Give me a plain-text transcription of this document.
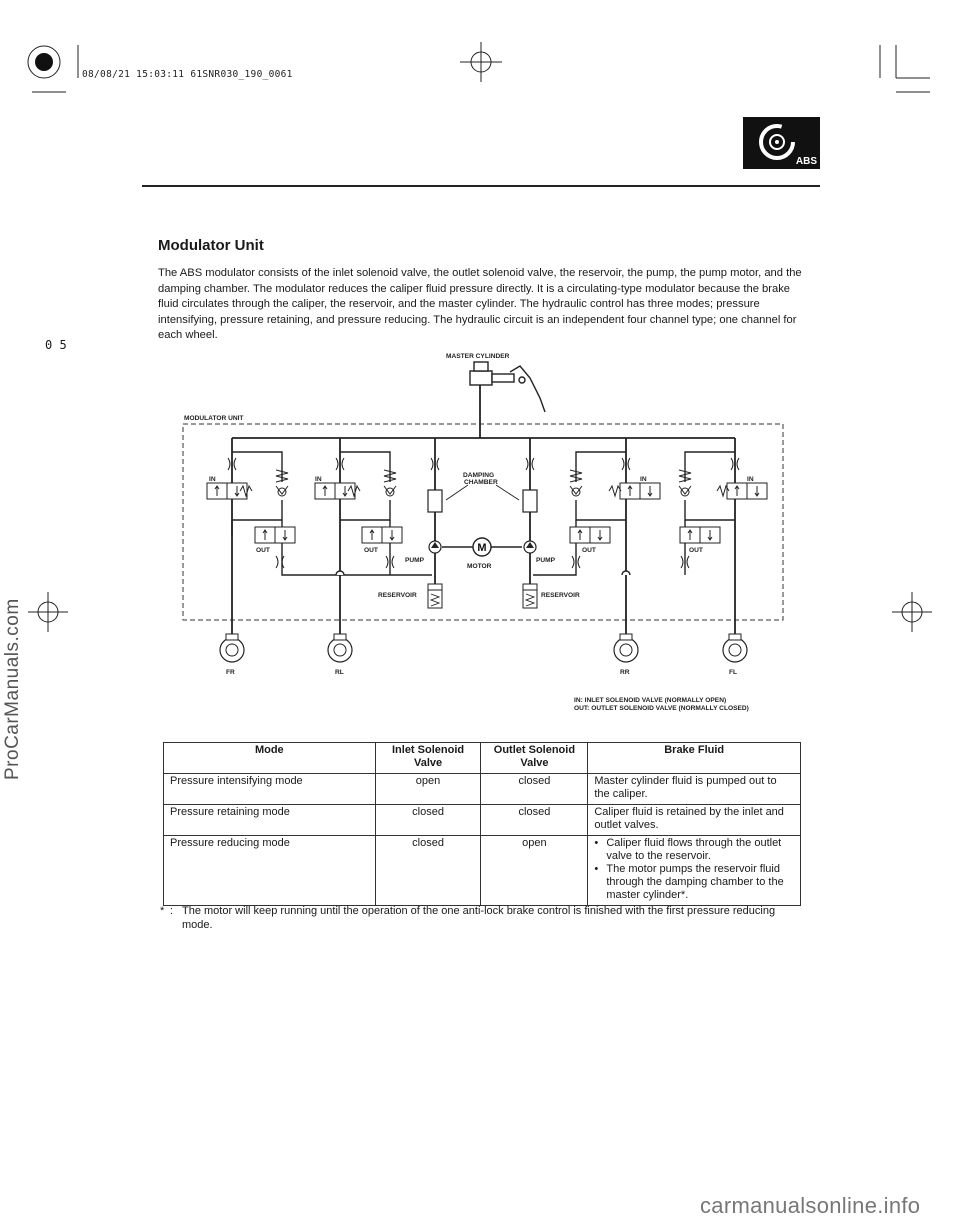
08/08/21 15:03:11 61SNR030_190_0061
ABS
0 5
ProCarManuals.com
Modulator Unit
The ABS modulator consists of the inlet solenoid valve, the outlet solenoid valve, the reservoir, the pump, the pump motor, and the damping chamber. The modulator reduces the caliper fluid pressure directly. It is a circulating-type modulator because the brake fluid circulates through the caliper, the reservoir, and the master cylinder. The hydraulic control has three modes; pressure intensifying, pressure retaining, and pressure reducing. The hydraulic circuit is an independent four channel type; one channel for each wheel.
M
MASTER CYLINDER
MODULATOR UNIT
DAMPING
CHAMBER
IN	IN	IN	IN
OUT	OUT	OUT	OUT
PUMP	PUMP
MOTOR
RESERVOIR	RESERVOIR
FR	RL	RR	FL
IN: INLET SOLENOID VALVE (NORMALLY OPEN)
OUT: OUTLET SOLENOID VALVE (NORMALLY CLOSED)
Mode	Inlet Solenoid Valve	Outlet Solenoid Valve	Brake Fluid
Pressure intensifying mode	open	closed	Master cylinder fluid is pumped out to the caliper.
Pressure retaining mode	closed	closed	Caliper fluid is retained by the inlet and outlet valves.
Pressure reducing mode	closed	open	• Caliper fluid flows through the outlet valve to the reservoir.
• The motor pumps the reservoir fluid through the damping chamber to the master cylinder*.
* : The motor will keep running until the operation of the one anti-lock brake control is finished with the first pressure reducing mode.
carmanualsonline.info
